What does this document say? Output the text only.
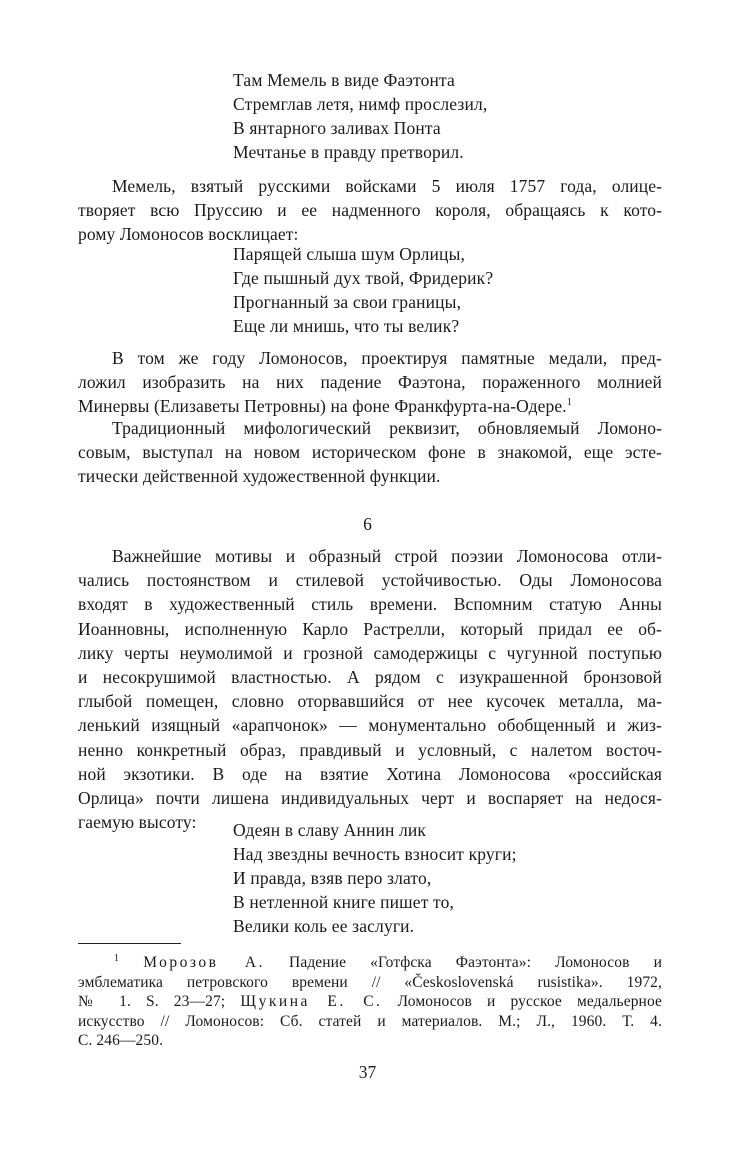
Там Мемель в виде Фаэтонта
Стремглав летя, нимф прослезил,
В янтарного заливах Понта
Мечтанье в правду претворил.
Мемель, взятый русскими войсками 5 июля 1757 года, олице-
творяет всю Пруссию и ее надменного короля, обращаясь к кото-
рому Ломоносов восклицает:
Парящей слыша шум Орлицы,
Где пышный дух твой, Фридерик?
Прогнанный за свои границы,
Еще ли мнишь, что ты велик?
В том же году Ломоносов, проектируя памятные медали, пред-
ложил изобразить на них падение Фаэтона, пораженного молнией
Минервы (Елизаветы Петровны) на фоне Франкфурта-на-Одере.$^1$
Традиционный мифологический реквизит, обновляемый Ломоно-
совым, выступал на новом историческом фоне в знакомой, еще эсте-
тически действенной художественной функции.
6
Важнейшие мотивы и образный строй поэзии Ломоносова отли-
чались постоянством и стилевой устойчивостью. Оды Ломоносова
входят в художественный стиль времени. Вспомним статую Анны
Иоанновны, исполненную Карло Растрелли, который придал ее об-
лику черты неумолимой и грозной самодержицы с чугунной поступью
и несокрушимой властностью. А рядом с изукрашенной бронзовой
глыбой помещен, словно оторвавшийся от нее кусочек металла, ма-
ленький изящный «арапчонок» — монументально обобщенный и жиз-
ненно конкретный образ, правдивый и условный, с налетом восточ-
ной экзотики. В оде на взятие Хотина Ломоносова «российская
Орлица» почти лишена индивидуальных черт и воспаряет на недося-
гаемую высоту:	Одеян в славу Аннин лик
Над звездны вечность взносит круги;
И правда, взяв перо злато,
В нетленной книге пишет то,
Велики коль ее заслуги.
$^1$ Морозов А. Падение «Готфска Фаэтонта»: Ломоносов и
эмблематика петровского времени // «Československá rusistika». 1972,
№ 1. S. 23—27; Щукина Е. С. Ломоносов и русское медальерное
искусство // Ломоносов: Сб. статей и материалов. М.; Л., 1960. Т. 4.
С. 246—250.
37
